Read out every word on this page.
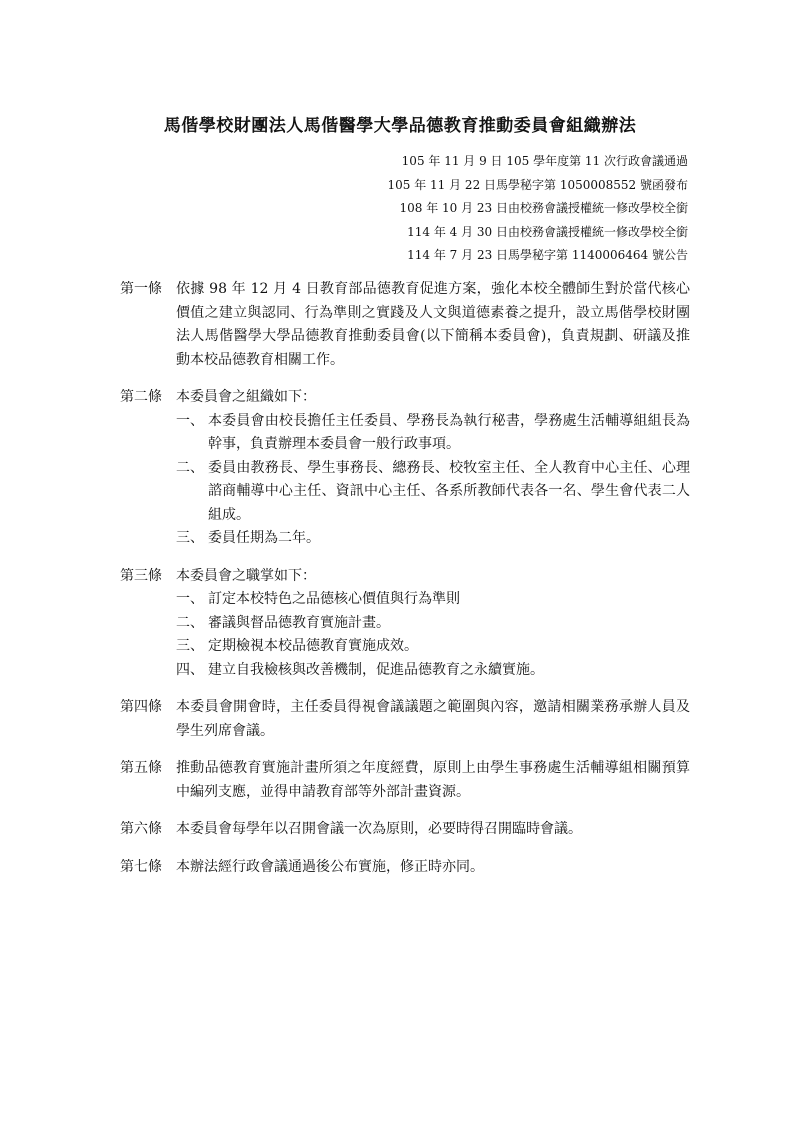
馬偕學校財團法人馬偕醫學大學品德教育推動委員會組織辦法
105 年 11 月 9 日 105 學年度第 11 次行政會議通過
105 年 11 月 22 日馬學秘字第 1050008552 號函發布
108 年 10 月 23 日由校務會議授權統一修改學校全銜
114 年 4 月 30 日由校務會議授權統一修改學校全銜
114 年 7 月 23 日馬學秘字第 1140006464 號公告
第一條 依據 98 年 12 月 4 日教育部品德教育促進方案，強化本校全體師生對於當代核心價值之建立與認同、行為準則之實踐及人文與道德素養之提升，設立馬偕學校財團法人馬偕醫學大學品德教育推動委員會(以下簡稱本委員會)，負責規劃、研議及推動本校品德教育相關工作。
第二條 本委員會之組織如下：
一、 本委員會由校長擔任主任委員、學務長為執行秘書，學務處生活輔導組組長為幹事，負責辦理本委員會一般行政事項。
二、 委員由教務長、學生事務長、總務長、校牧室主任、全人教育中心主任、心理諮商輔導中心主任、資訊中心主任、各系所教師代表各一名、學生會代表二人組成。
三、 委員任期為二年。
第三條 本委員會之職掌如下：
一、 訂定本校特色之品德核心價值與行為準則
二、 審議與督品德教育實施計畫。
三、 定期檢視本校品德教育實施成效。
四、 建立自我檢核與改善機制，促進品德教育之永續實施。
第四條 本委員會開會時，主任委員得視會議議題之範圍與內容，邀請相關業務承辦人員及學生列席會議。
第五條 推動品德教育實施計畫所須之年度經費，原則上由學生事務處生活輔導組相關預算中編列支應，並得申請教育部等外部計畫資源。
第六條 本委員會每學年以召開會議一次為原則，必要時得召開臨時會議。
第七條 本辦法經行政會議通過後公布實施，修正時亦同。
